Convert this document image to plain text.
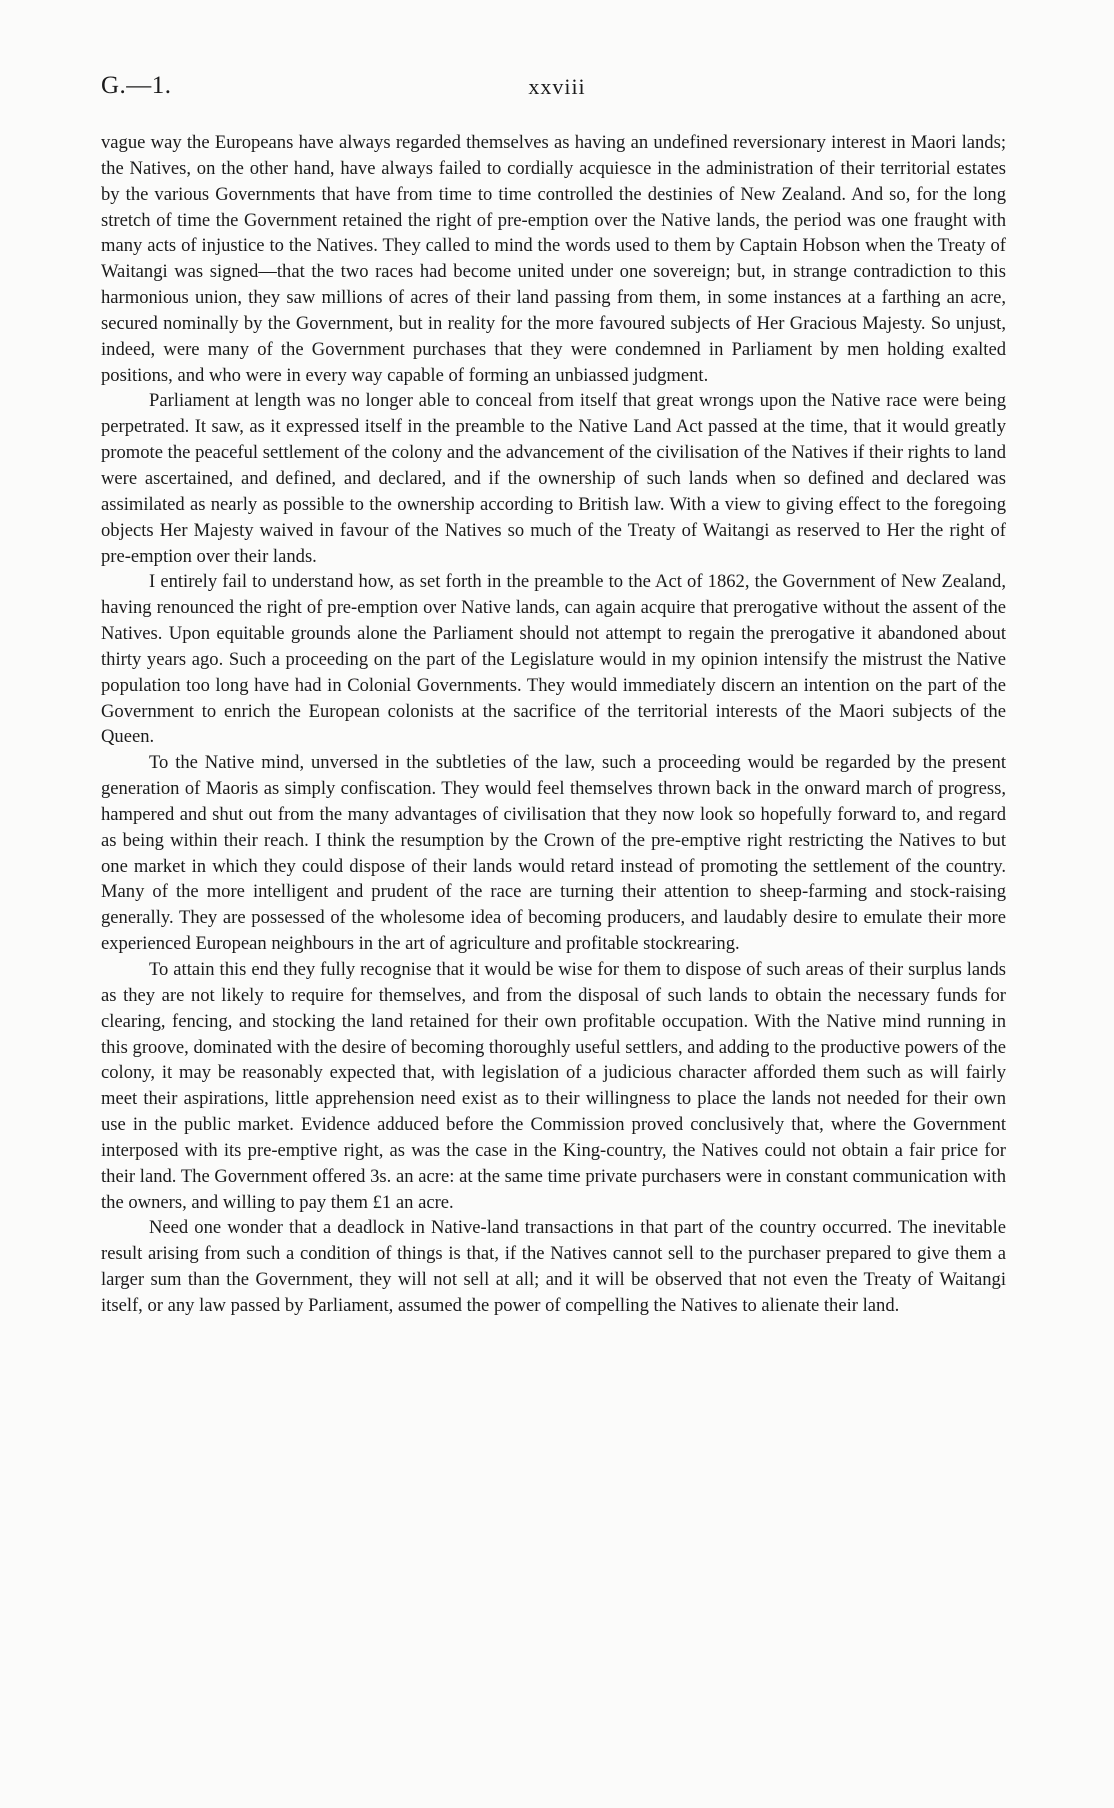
G.—1.	xxviii

vague way the Europeans have always regarded themselves as having an undefined reversionary interest in Maori lands; the Natives, on the other hand, have always failed to cordially acquiesce in the administration of their territorial estates by the various Governments that have from time to time controlled the destinies of New Zealand. And so, for the long stretch of time the Government retained the right of pre-emption over the Native lands, the period was one fraught with many acts of injustice to the Natives. They called to mind the words used to them by Captain Hobson when the Treaty of Waitangi was signed—that the two races had become united under one sovereign; but, in strange contradiction to this harmonious union, they saw millions of acres of their land passing from them, in some instances at a farthing an acre, secured nominally by the Government, but in reality for the more favoured subjects of Her Gracious Majesty. So unjust, indeed, were many of the Government purchases that they were condemned in Parliament by men holding exalted positions, and who were in every way capable of forming an unbiassed judgment.

Parliament at length was no longer able to conceal from itself that great wrongs upon the Native race were being perpetrated. It saw, as it expressed itself in the preamble to the Native Land Act passed at the time, that it would greatly promote the peaceful settlement of the colony and the advancement of the civilisation of the Natives if their rights to land were ascertained, and defined, and declared, and if the ownership of such lands when so defined and declared was assimilated as nearly as possible to the ownership according to British law. With a view to giving effect to the foregoing objects Her Majesty waived in favour of the Natives so much of the Treaty of Waitangi as reserved to Her the right of pre-emption over their lands.

I entirely fail to understand how, as set forth in the preamble to the Act of 1862, the Government of New Zealand, having renounced the right of pre-emption over Native lands, can again acquire that prerogative without the assent of the Natives. Upon equitable grounds alone the Parliament should not attempt to regain the prerogative it abandoned about thirty years ago. Such a proceeding on the part of the Legislature would in my opinion intensify the mistrust the Native population too long have had in Colonial Governments. They would immediately discern an intention on the part of the Government to enrich the European colonists at the sacrifice of the territorial interests of the Maori subjects of the Queen.

To the Native mind, unversed in the subtleties of the law, such a proceeding would be regarded by the present generation of Maoris as simply confiscation. They would feel themselves thrown back in the onward march of progress, hampered and shut out from the many advantages of civilisation that they now look so hopefully forward to, and regard as being within their reach. I think the resumption by the Crown of the pre-emptive right restricting the Natives to but one market in which they could dispose of their lands would retard instead of promoting the settlement of the country. Many of the more intelligent and prudent of the race are turning their attention to sheep-farming and stock-raising generally. They are possessed of the wholesome idea of becoming producers, and laudably desire to emulate their more experienced European neighbours in the art of agriculture and profitable stockrearing.

To attain this end they fully recognise that it would be wise for them to dispose of such areas of their surplus lands as they are not likely to require for themselves, and from the disposal of such lands to obtain the necessary funds for clearing, fencing, and stocking the land retained for their own profitable occupation. With the Native mind running in this groove, dominated with the desire of becoming thoroughly useful settlers, and adding to the productive powers of the colony, it may be reasonably expected that, with legislation of a judicious character afforded them such as will fairly meet their aspirations, little apprehension need exist as to their willingness to place the lands not needed for their own use in the public market. Evidence adduced before the Commission proved conclusively that, where the Government interposed with its pre-emptive right, as was the case in the King-country, the Natives could not obtain a fair price for their land. The Government offered 3s. an acre: at the same time private purchasers were in constant communication with the owners, and willing to pay them £1 an acre.

Need one wonder that a deadlock in Native-land transactions in that part of the country occurred. The inevitable result arising from such a condition of things is that, if the Natives cannot sell to the purchaser prepared to give them a larger sum than the Government, they will not sell at all; and it will be observed that not even the Treaty of Waitangi itself, or any law passed by Parliament, assumed the power of compelling the Natives to alienate their land.
